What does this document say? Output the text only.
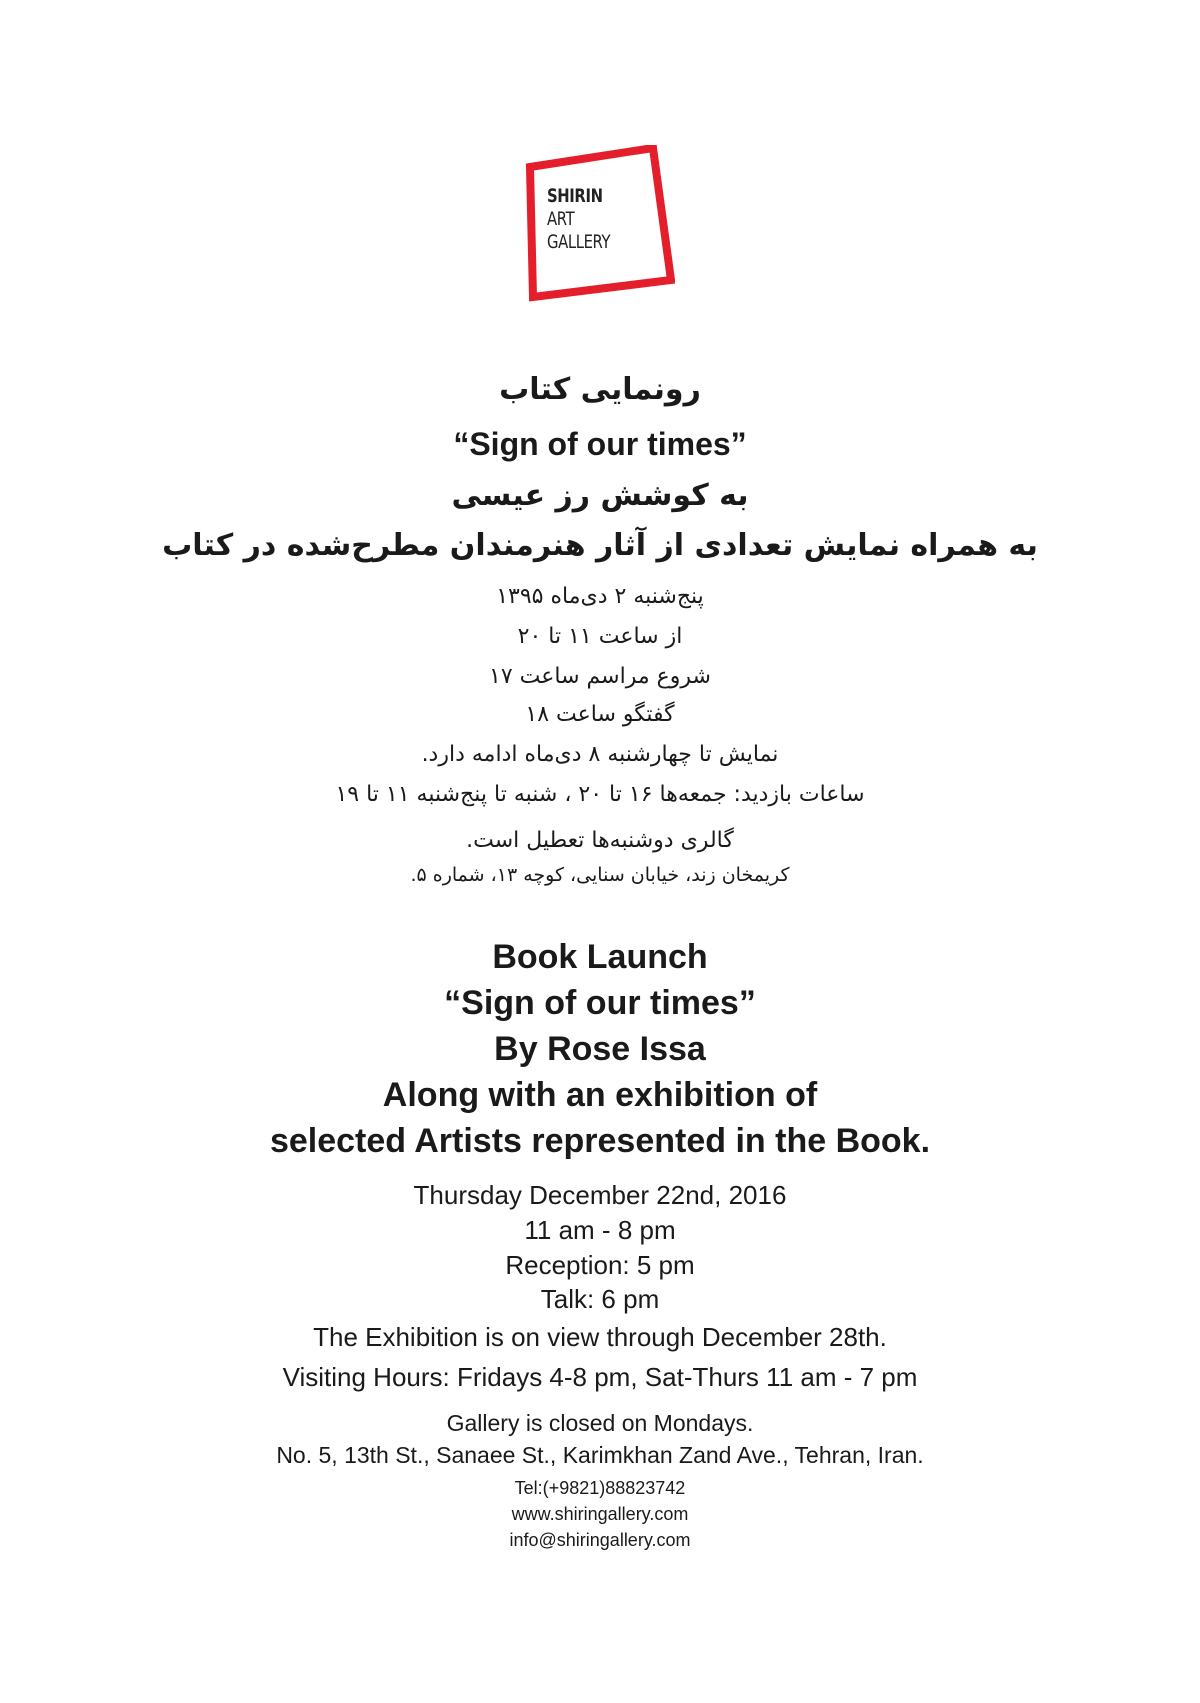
SHIRIN
ART
GALLERY
رونمایی کتاب
“Sign of our times”
به کوشش رز عیسی
به همراه نمایش تعدادی از آثار هنرمندان مطرح‌شده در کتاب
پنج‌شنبه ۲ دی‌ماه ۱۳۹۵
از ساعت ۱۱ تا ۲۰
شروع مراسم ساعت ۱۷
گفتگو ساعت ۱۸
نمایش تا چهارشنبه ۸ دی‌ماه ادامه دارد.
ساعات بازدید: جمعه‌ها ۱۶ تا ۲۰ ، شنبه تا پنج‌شنبه ۱۱ تا ۱۹
گالری دوشنبه‌ها تعطیل است.
کریمخان زند، خیابان سنایی، کوچه ۱۳، شماره ۵.
Book Launch
“Sign of our times”
By Rose Issa
Along with an exhibition of
selected Artists represented in the Book.
Thursday December 22nd, 2016
11 am - 8 pm
Reception: 5 pm
Talk: 6 pm
The Exhibition is on view through December 28th.
Visiting Hours: Fridays 4-8 pm, Sat-Thurs 11 am - 7 pm
Gallery is closed on Mondays.
No. 5, 13th St., Sanaee St., Karimkhan Zand Ave., Tehran, Iran.
Tel:(+9821)88823742
www.shiringallery.com
info@shiringallery.com
